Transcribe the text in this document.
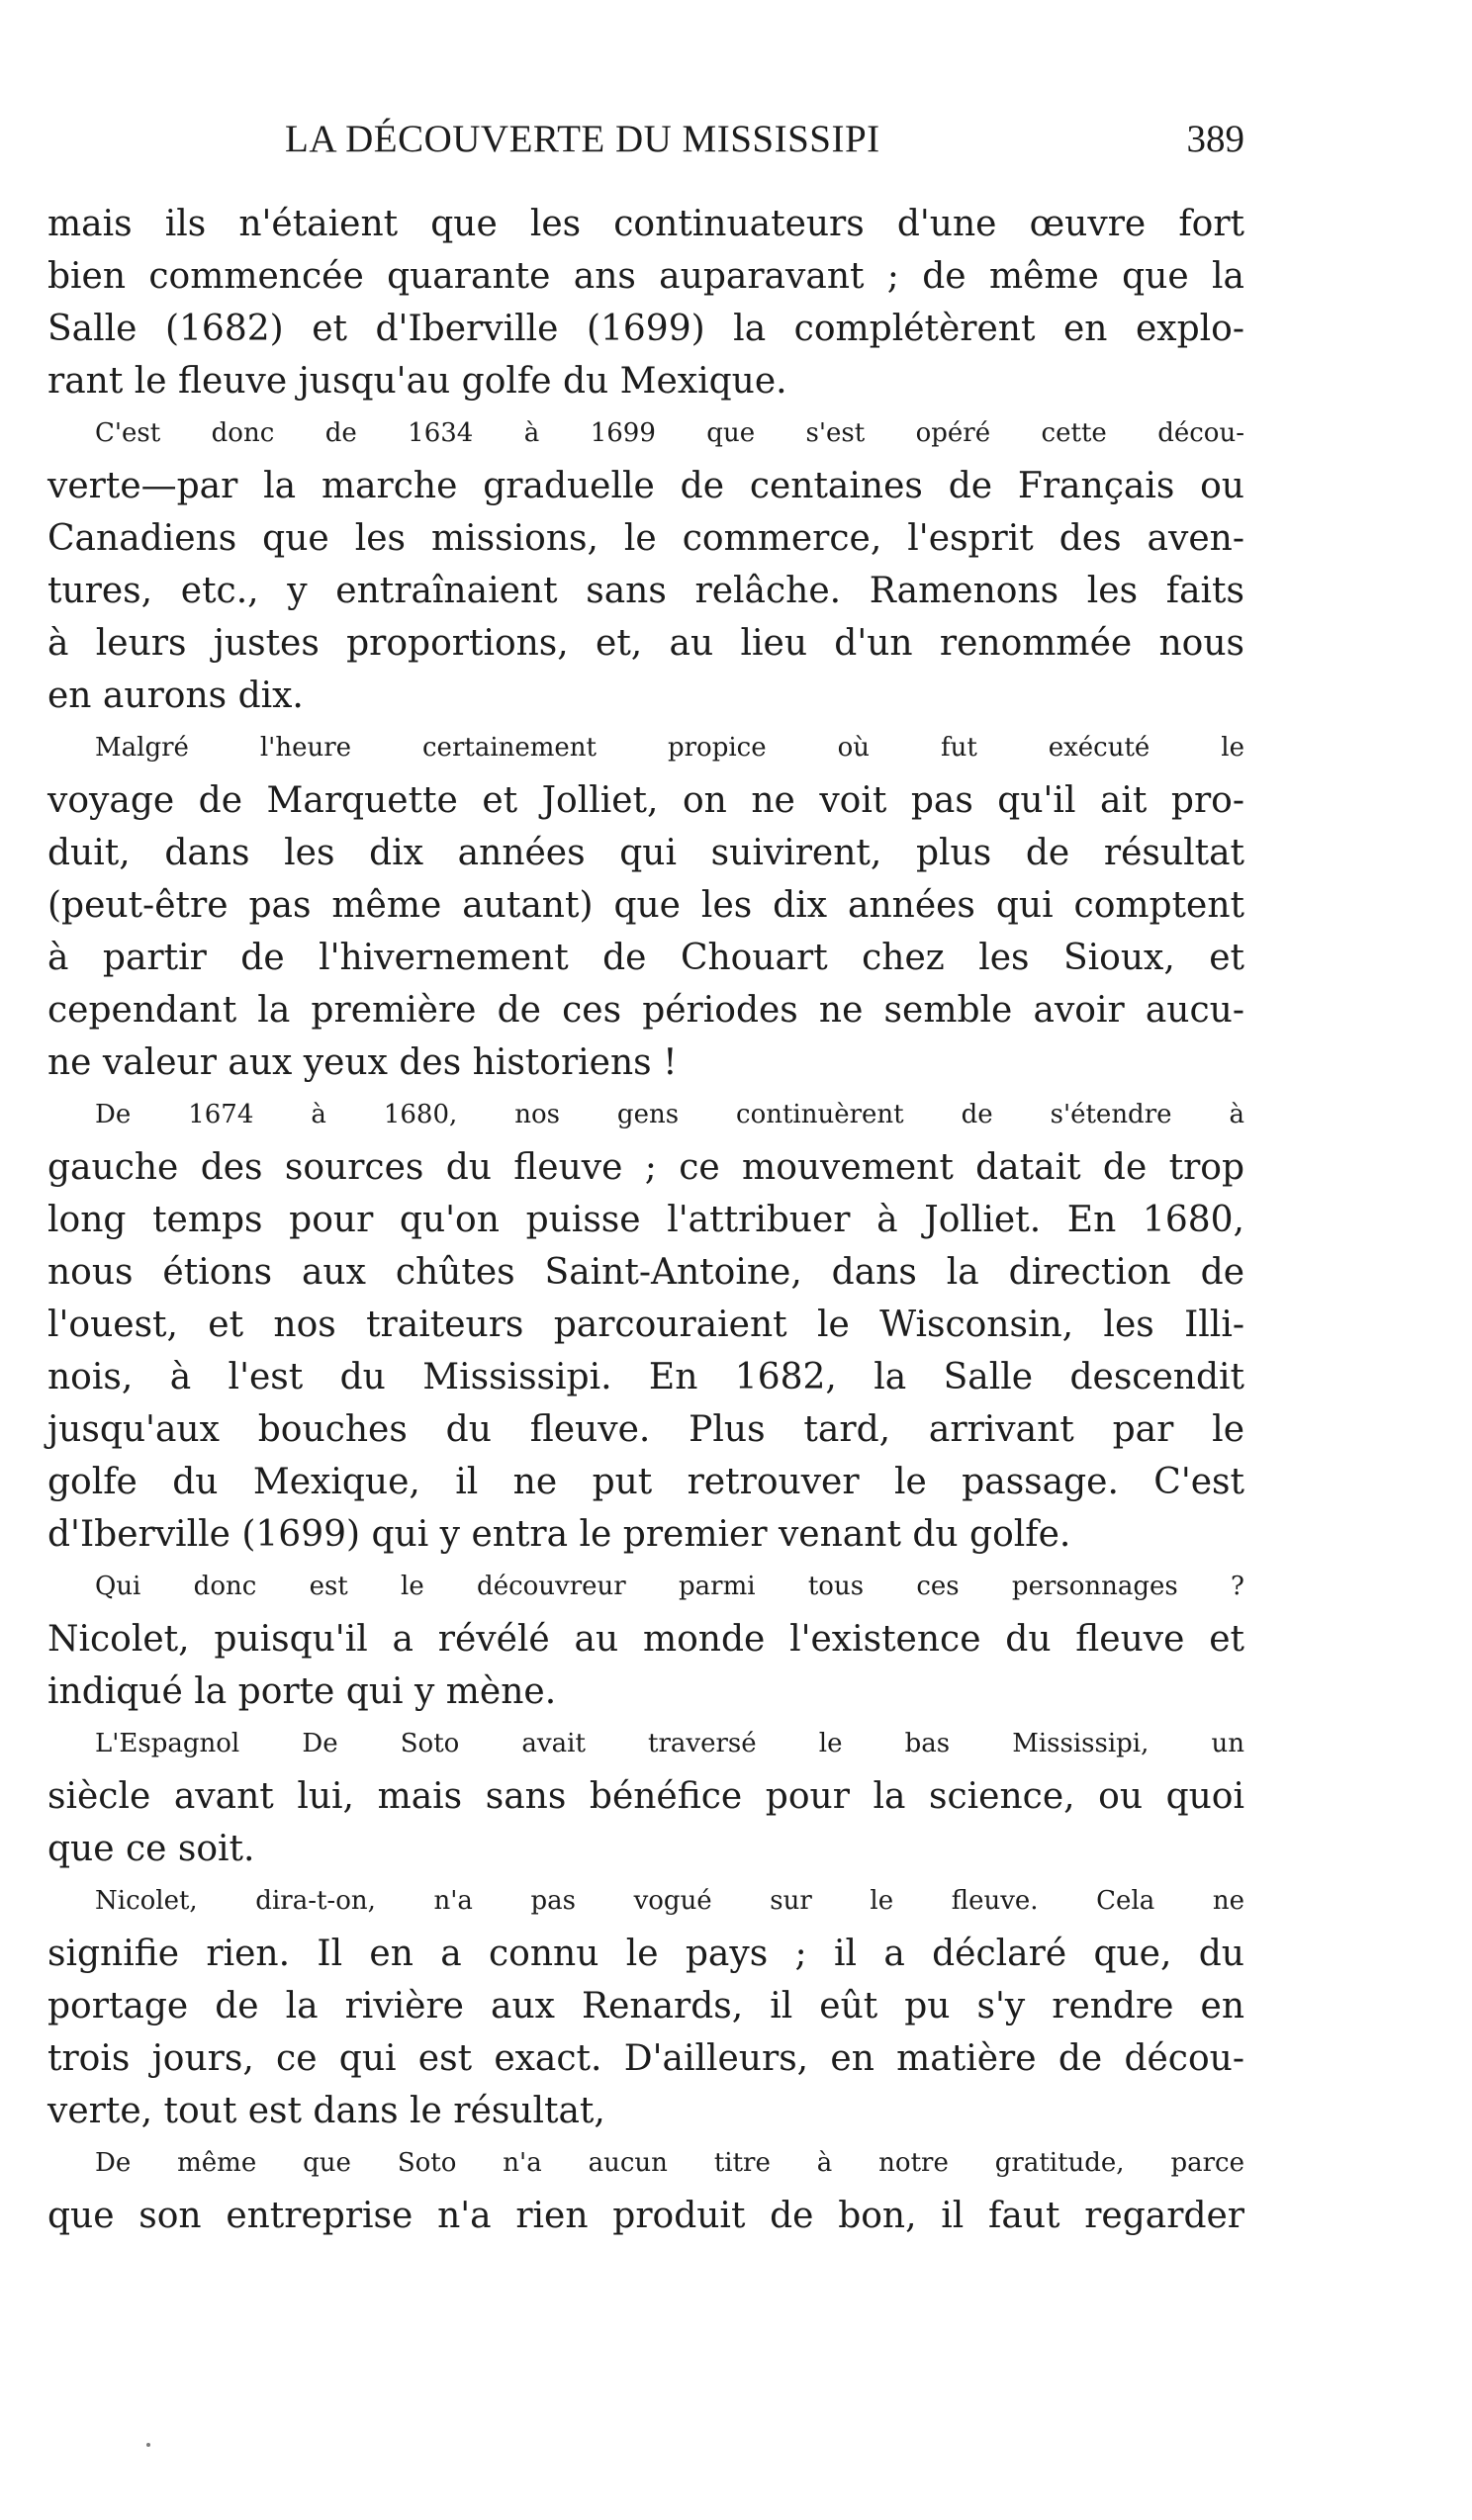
LA DÉCOUVERTE DU MISSISSIPI	389
mais ils n'étaient que les continuateurs d'une œuvre fort
bien commencée quarante ans auparavant ; de même que la
Salle (1682) et d'Iberville (1699) la complétèrent en explo-
rant le fleuve jusqu'au golfe du Mexique.
C'est donc de 1634 à 1699 que s'est opéré cette décou-
verte—par la marche graduelle de centaines de Français ou
Canadiens que les missions, le commerce, l'esprit des aven-
tures, etc., y entraînaient sans relâche. Ramenons les faits
à leurs justes proportions, et, au lieu d'un renommée nous
en aurons dix.
Malgré l'heure certainement propice où fut exécuté le
voyage de Marquette et Jolliet, on ne voit pas qu'il ait pro-
duit, dans les dix années qui suivirent, plus de résultat
(peut-être pas même autant) que les dix années qui comptent
à partir de l'hivernement de Chouart chez les Sioux, et
cependant la première de ces périodes ne semble avoir aucu-
ne valeur aux yeux des historiens !
De 1674 à 1680, nos gens continuèrent de s'étendre à
gauche des sources du fleuve ; ce mouvement datait de trop
long temps pour qu'on puisse l'attribuer à Jolliet. En 1680,
nous étions aux chûtes Saint-Antoine, dans la direction de
l'ouest, et nos traiteurs parcouraient le Wisconsin, les Illi-
nois, à l'est du Mississipi. En 1682, la Salle descendit
jusqu'aux bouches du fleuve. Plus tard, arrivant par le
golfe du Mexique, il ne put retrouver le passage. C'est
d'Iberville (1699) qui y entra le premier venant du golfe.
Qui donc est le découvreur parmi tous ces personnages ?
Nicolet, puisqu'il a révélé au monde l'existence du fleuve et
indiqué la porte qui y mène.
L'Espagnol De Soto avait traversé le bas Mississipi, un
siècle avant lui, mais sans bénéfice pour la science, ou quoi
que ce soit.
Nicolet, dira-t-on, n'a pas vogué sur le fleuve. Cela ne
signifie rien. Il en a connu le pays ; il a déclaré que, du
portage de la rivière aux Renards, il eût pu s'y rendre en
trois jours, ce qui est exact. D'ailleurs, en matière de décou-
verte, tout est dans le résultat,
De même que Soto n'a aucun titre à notre gratitude, parce
que son entreprise n'a rien produit de bon, il faut regarder
